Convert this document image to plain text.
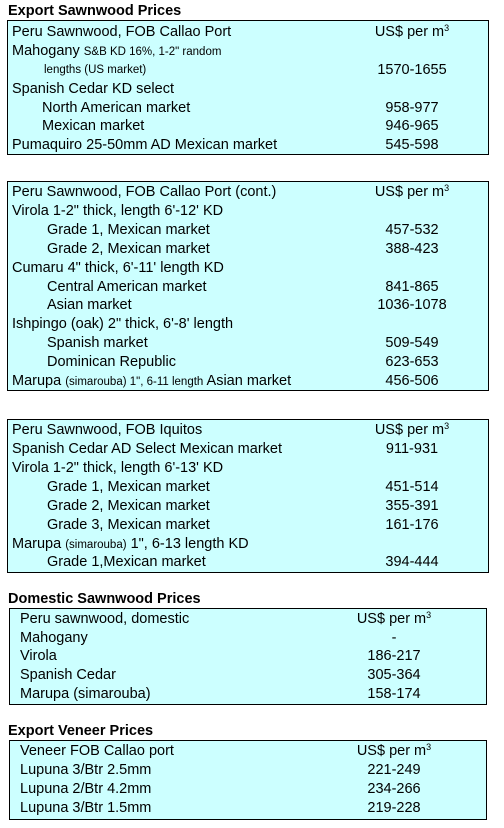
Export Sawnwood Prices
Peru Sawnwood, FOB Callao Port	US$ per $m^3$
Mahogany S&B KD 16%, 1-2" random
lengths (US market)	1570-1655
Spanish Cedar KD select
North American market	958-977
Mexican market	946-965
Pumaquiro 25-50mm AD Mexican market	545-598
Peru Sawnwood, FOB Callao Port (cont.)	US$ per $m^3$
Virola 1-2" thick, length 6'-12' KD
Grade 1, Mexican market	457-532
Grade 2, Mexican market	388-423
Cumaru 4" thick, 6'-11' length KD
Central American market	841-865
Asian market	1036-1078
Ishpingo (oak) 2" thick, 6'-8' length
Spanish market	509-549
Dominican Republic	623-653
Marupa (simarouba) 1", 6-11 length Asian market	456-506
Peru Sawnwood, FOB Iquitos	US$ per $m^3$
Spanish Cedar AD Select Mexican market	911-931
Virola 1-2" thick, length 6'-13' KD
Grade 1, Mexican market	451-514
Grade 2, Mexican market	355-391
Grade 3, Mexican market	161-176
Marupa (simarouba) 1", 6-13 length KD
Grade 1,Mexican market	394-444
Domestic Sawnwood Prices
Peru sawnwood, domestic	US$ per $m^3$
Mahogany	-
Virola	186-217
Spanish Cedar	305-364
Marupa (simarouba)	158-174
Export Veneer Prices
Veneer FOB Callao port	US$ per $m^3$
Lupuna 3/Btr 2.5mm	221-249
Lupuna 2/Btr 4.2mm	234-266
Lupuna 3/Btr 1.5mm	219-228
